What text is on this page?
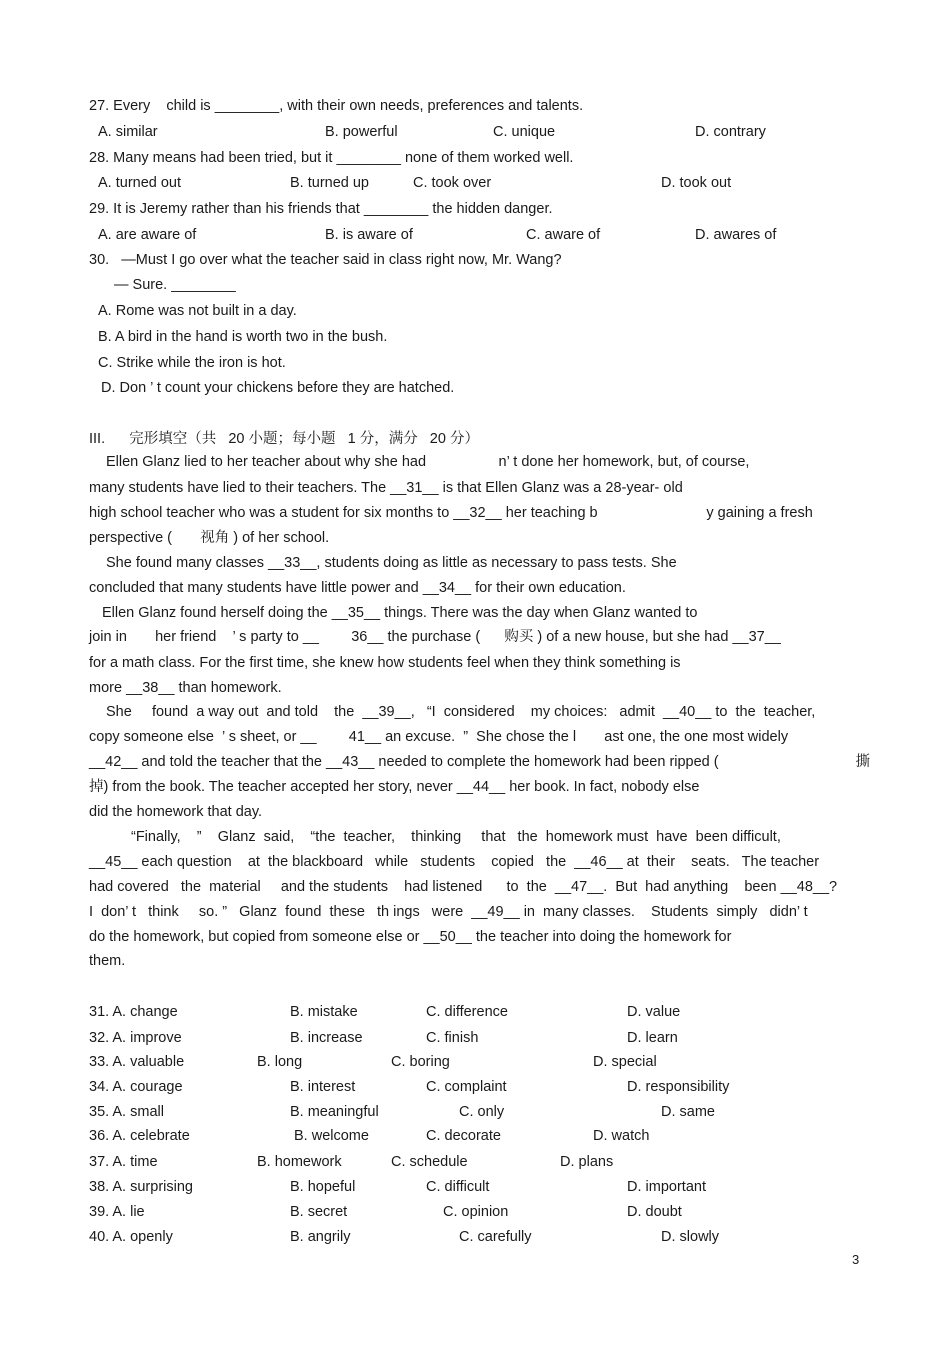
27. Every    child is ________, with their own needs, preferences and talents.
A. similar	B. powerful	C. unique	D. contrary
28. Many means had been tried, but it ________ none of them worked well.
A. turned out	B. turned up	C. took over	D. took out
29. It is Jeremy rather than his friends that ________ the hidden danger.
A. are aware of	B. is aware of	C. aware of	D. awares of
30.   —Must I go over what the teacher said in class right now, Mr. Wang?
— Sure. ________
A. Rome was not built in a day.
B. A bird in the hand is worth two in the bush.
C. Strike while the iron is hot.
D. Don ’ t count your chickens before they are hatched.
III.      完形填空（共   20 小题；每小题   1 分，满分   20 分）
Ellen Glanz lied to her teacher about why she had                  n’ t done her homework, but, of course,
many students have lied to their teachers. The __31__ is that Ellen Glanz was a 28-year- old
high school teacher who was a student for six months to __32__ her teaching b                           y gaining a fresh
perspective (       视角 ) of her school.
She found many classes __33__, students doing as little as necessary to pass tests. She
concluded that many students have little power and __34__ for their own education.
Ellen Glanz found herself doing the __35__ things. There was the day when Glanz wanted to
join in       her friend    ’ s party to __        36__ the purchase (      购买 ) of a new house, but she had __37__
for a math class. For the first time, she knew how students feel when they think something is
more __38__ than homework.
She     found  a way out  and told    the  __39__,   “I  considered    my choices:   admit  __40__ to  the  teacher,
copy someone else  ’ s sheet, or __        41__ an excuse.  ”  She chose the l       ast one, the one most widely
__42__ and told the teacher that the __43__ needed to complete the homework had been ripped (                                  撕
掉) from the book. The teacher accepted her story, never __44__ her book. In fact, nobody else
did the homework that day.
“Finally,    ”    Glanz  said,    “the  teacher,    thinking     that   the  homework must  have  been difficult,
__45__ each question    at  the blackboard   while   students    copied   the  __46__ at  their    seats.   The teacher
had covered   the  material     and the students    had listened      to  the  __47__.  But  had anything    been __48__?
I  don’ t   think     so. ”   Glanz  found  these   th ings   were  __49__ in  many classes.    Students  simply   didn’ t
do the homework, but copied from someone else or __50__ the teacher into doing the homework for
them.
31. A. change	B. mistake	C. difference	D. value
32. A. improve	B. increase	C. finish	D. learn
33. A. valuable	B. long	C. boring	D. special
34. A. courage	B. interest	C. complaint	D. responsibility
35. A. small	B. meaningful	C. only	D. same
36. A. celebrate	B. welcome	C. decorate	D. watch
37. A. time	B. homework	C. schedule	D. plans
38. A. surprising	B. hopeful	C. difficult	D. important
39. A. lie	B. secret	C. opinion	D. doubt
40. A. openly	B. angrily	C. carefully	D. slowly
3
